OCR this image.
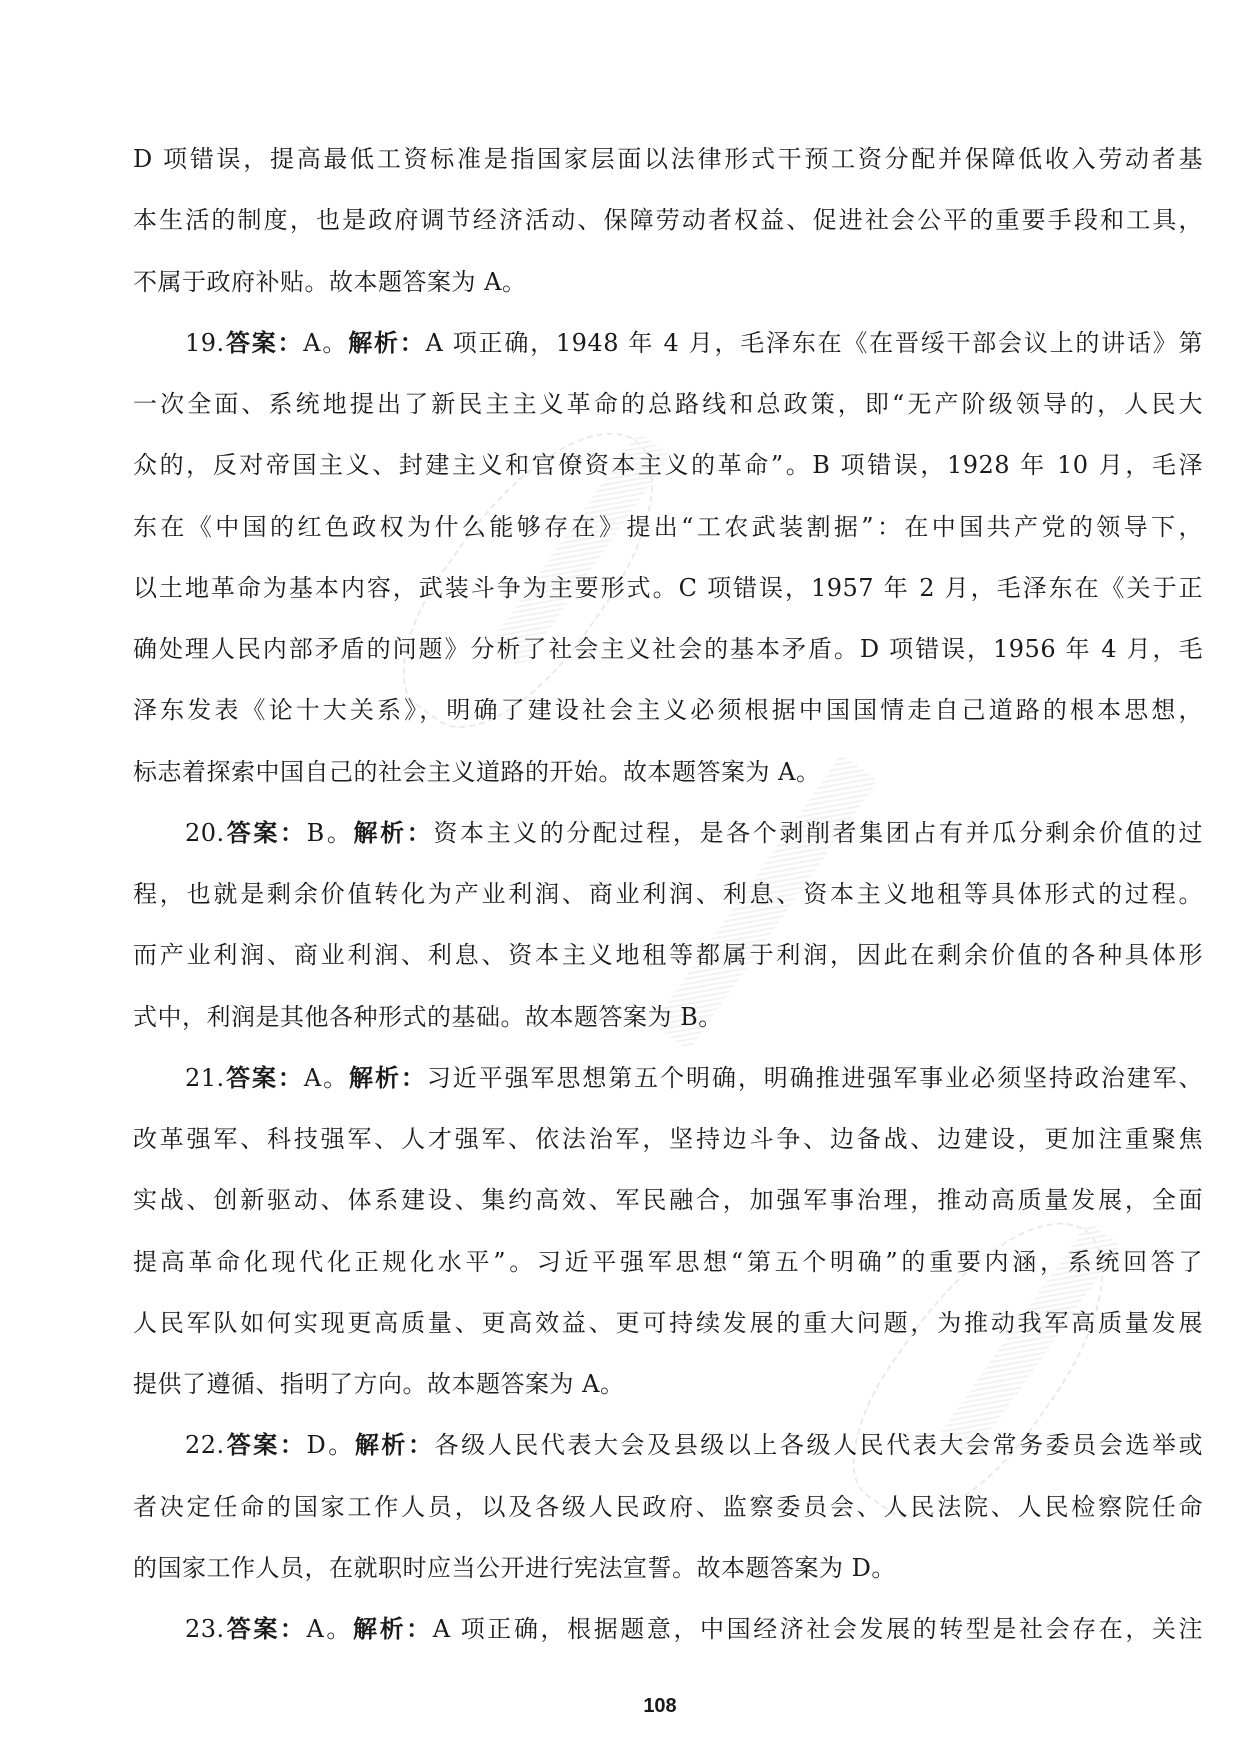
D 项错误，提高最低工资标准是指国家层面以法律形式干预工资分配并保障低收入劳动者基
本生活的制度，也是政府调节经济活动、保障劳动者权益、促进社会公平的重要手段和工具，
不属于政府补贴。故本题答案为 A。
19.答案：A。解析：A 项正确，1948 年 4 月，毛泽东在《在晋绥干部会议上的讲话》第
一次全面、系统地提出了新民主主义革命的总路线和总政策，即“无产阶级领导的，人民大
众的，反对帝国主义、封建主义和官僚资本主义的革命”。B 项错误，1928 年 10 月，毛泽
东在《中国的红色政权为什么能够存在》提出“工农武装割据”：在中国共产党的领导下，
以土地革命为基本内容，武装斗争为主要形式。C 项错误，1957 年 2 月，毛泽东在《关于正
确处理人民内部矛盾的问题》分析了社会主义社会的基本矛盾。D 项错误，1956 年 4 月，毛
泽东发表《论十大关系》，明确了建设社会主义必须根据中国国情走自己道路的根本思想，
标志着探索中国自己的社会主义道路的开始。故本题答案为 A。
20.答案：B。解析：资本主义的分配过程，是各个剥削者集团占有并瓜分剩余价值的过
程，也就是剩余价值转化为产业利润、商业利润、利息、资本主义地租等具体形式的过程。
而产业利润、商业利润、利息、资本主义地租等都属于利润，因此在剩余价值的各种具体形
式中，利润是其他各种形式的基础。故本题答案为 B。
21.答案：A。解析：习近平强军思想第五个明确，明确推进强军事业必须坚持政治建军、
改革强军、科技强军、人才强军、依法治军，坚持边斗争、边备战、边建设，更加注重聚焦
实战、创新驱动、体系建设、集约高效、军民融合，加强军事治理，推动高质量发展，全面
提高革命化现代化正规化水平”。习近平强军思想“第五个明确”的重要内涵，系统回答了
人民军队如何实现更高质量、更高效益、更可持续发展的重大问题，为推动我军高质量发展
提供了遵循、指明了方向。故本题答案为 A。
22.答案：D。解析：各级人民代表大会及县级以上各级人民代表大会常务委员会选举或
者决定任命的国家工作人员，以及各级人民政府、监察委员会、人民法院、人民检察院任命
的国家工作人员，在就职时应当公开进行宪法宣誓。故本题答案为 D。
23.答案：A。解析：A 项正确，根据题意，中国经济社会发展的转型是社会存在，关注
108
